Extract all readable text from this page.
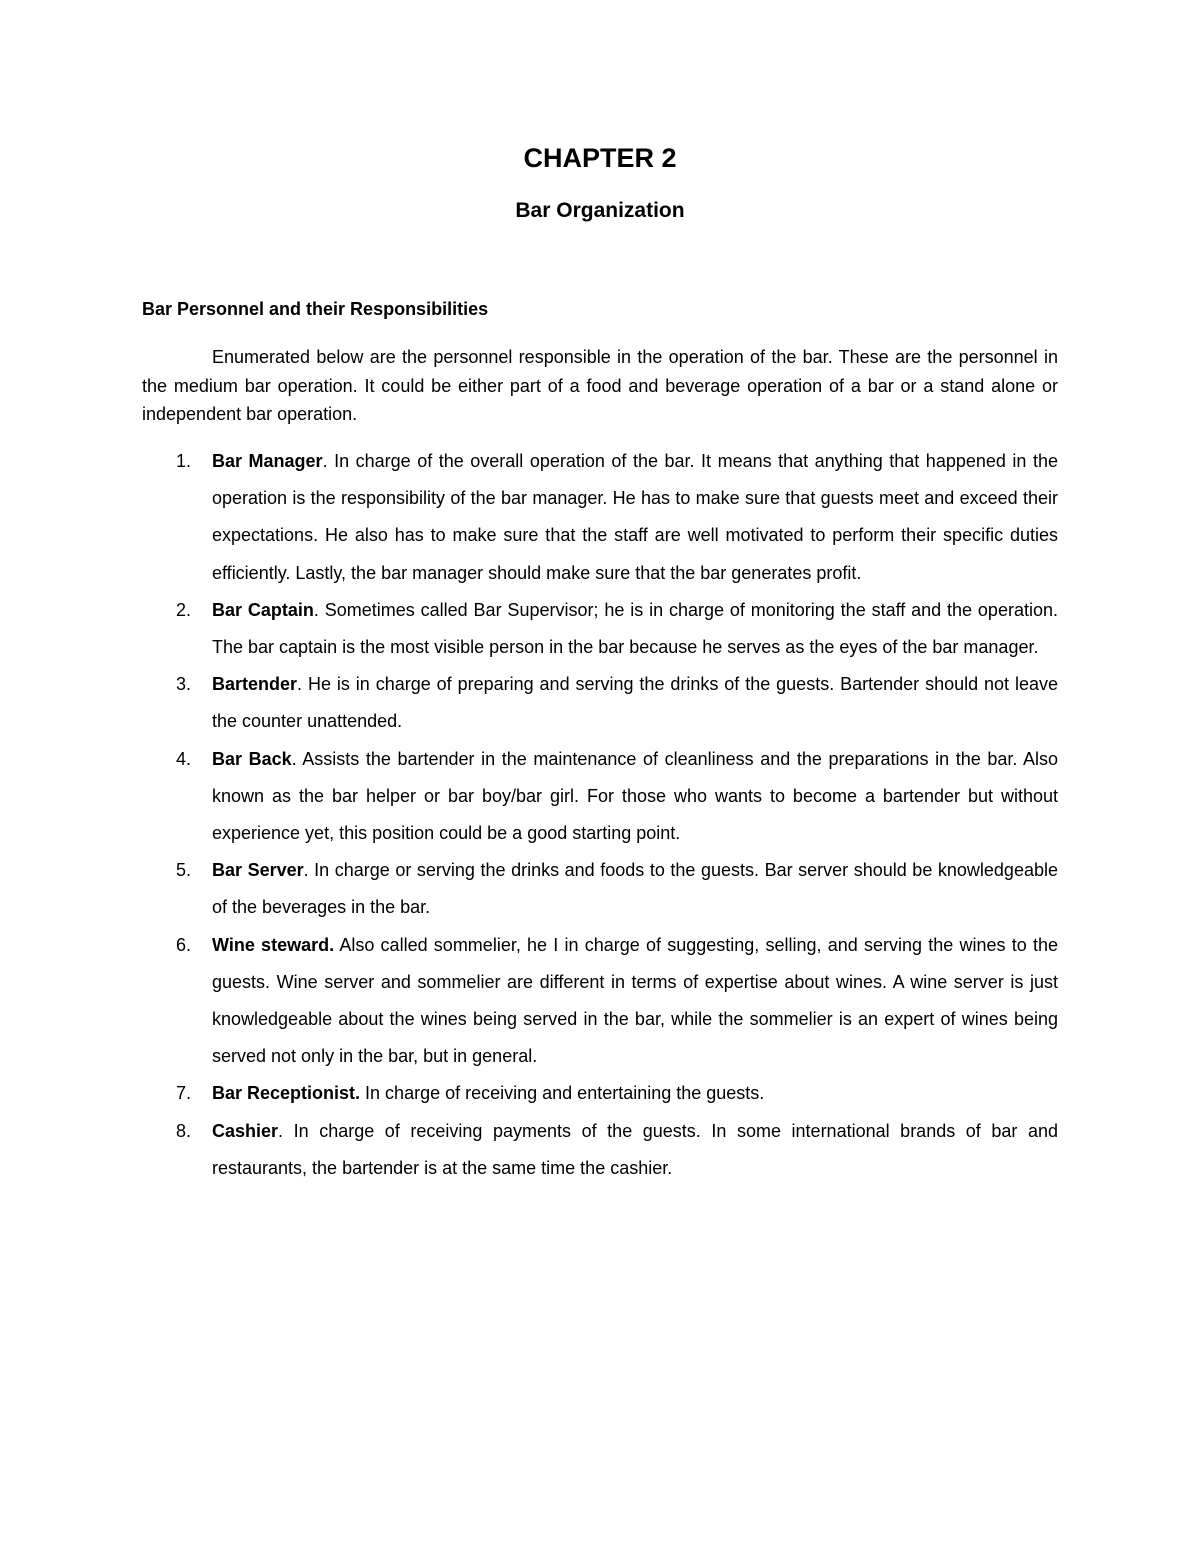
CHAPTER 2
Bar Organization
Bar Personnel and their Responsibilities

Enumerated below are the personnel responsible in the operation of the bar. These are the personnel in the medium bar operation. It could be either part of a food and beverage operation of a bar or a stand alone or independent bar operation.

1. Bar Manager. In charge of the overall operation of the bar. It means that anything that happened in the operation is the responsibility of the bar manager. He has to make sure that guests meet and exceed their expectations. He also has to make sure that the staff are well motivated to perform their specific duties efficiently. Lastly, the bar manager should make sure that the bar generates profit.
2. Bar Captain. Sometimes called Bar Supervisor; he is in charge of monitoring the staff and the operation. The bar captain is the most visible person in the bar because he serves as the eyes of the bar manager.
3. Bartender. He is in charge of preparing and serving the drinks of the guests. Bartender should not leave the counter unattended.
4. Bar Back. Assists the bartender in the maintenance of cleanliness and the preparations in the bar. Also known as the bar helper or bar boy/bar girl. For those who wants to become a bartender but without experience yet, this position could be a good starting point.
5. Bar Server. In charge or serving the drinks and foods to the guests. Bar server should be knowledgeable of the beverages in the bar.
6. Wine steward. Also called sommelier, he I in charge of suggesting, selling, and serving the wines to the guests. Wine server and sommelier are different in terms of expertise about wines. A wine server is just knowledgeable about the wines being served in the bar, while the sommelier is an expert of wines being served not only in the bar, but in general.
7. Bar Receptionist. In charge of receiving and entertaining the guests.
8. Cashier. In charge of receiving payments of the guests. In some international brands of bar and restaurants, the bartender is at the same time the cashier.
